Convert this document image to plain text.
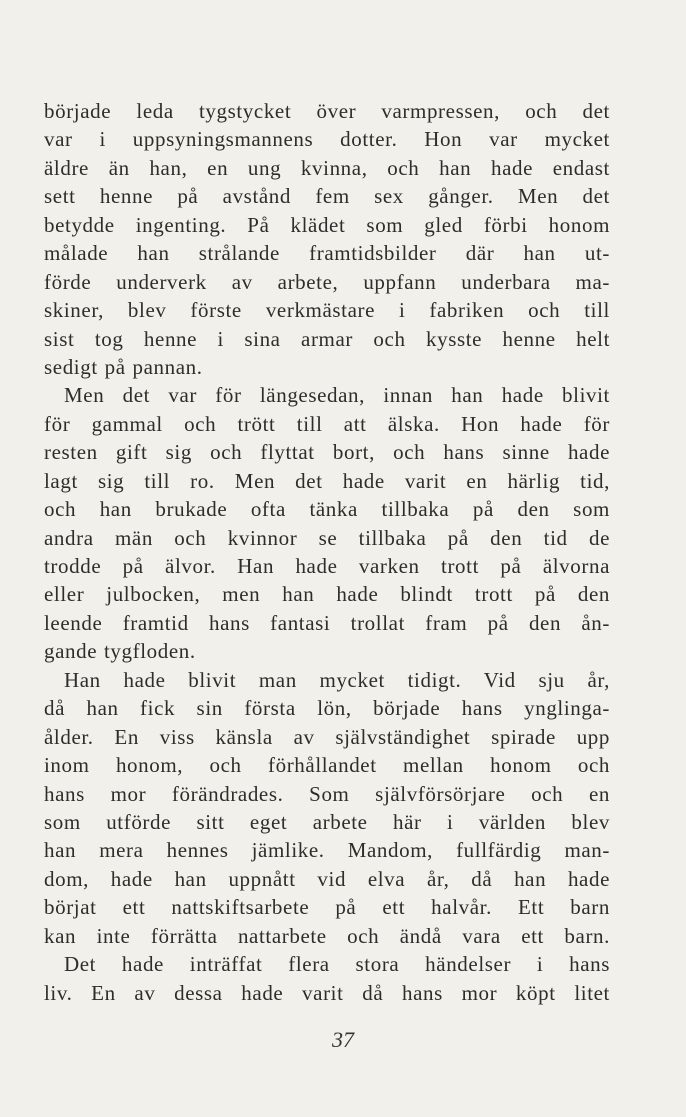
började leda tygstycket över varmpressen, och det
var i uppsyningsmannens dotter. Hon var mycket
äldre än han, en ung kvinna, och han hade endast
sett henne på avstånd fem sex gånger. Men det
betydde ingenting. På klädet som gled förbi honom
målade han strålande framtidsbilder där han ut-
förde underverk av arbete, uppfann underbara ma-
skiner, blev förste verkmästare i fabriken och till
sist tog henne i sina armar och kysste henne helt
sedigt på pannan.
Men det var för längesedan, innan han hade blivit
för gammal och trött till att älska. Hon hade för
resten gift sig och flyttat bort, och hans sinne hade
lagt sig till ro. Men det hade varit en härlig tid,
och han brukade ofta tänka tillbaka på den som
andra män och kvinnor se tillbaka på den tid de
trodde på älvor. Han hade varken trott på älvorna
eller julbocken, men han hade blindt trott på den
leende framtid hans fantasi trollat fram på den ån-
gande tygfloden.
Han hade blivit man mycket tidigt. Vid sju år,
då han fick sin första lön, började hans ynglinga-
ålder. En viss känsla av självständighet spirade upp
inom honom, och förhållandet mellan honom och
hans mor förändrades. Som självförsörjare och en
som utförde sitt eget arbete här i världen blev
han mera hennes jämlike. Mandom, fullfärdig man-
dom, hade han uppnått vid elva år, då han hade
börjat ett nattskiftsarbete på ett halvår. Ett barn
kan inte förrätta nattarbete och ändå vara ett barn.
Det hade inträffat flera stora händelser i hans
liv. En av dessa hade varit då hans mor köpt litet
37
